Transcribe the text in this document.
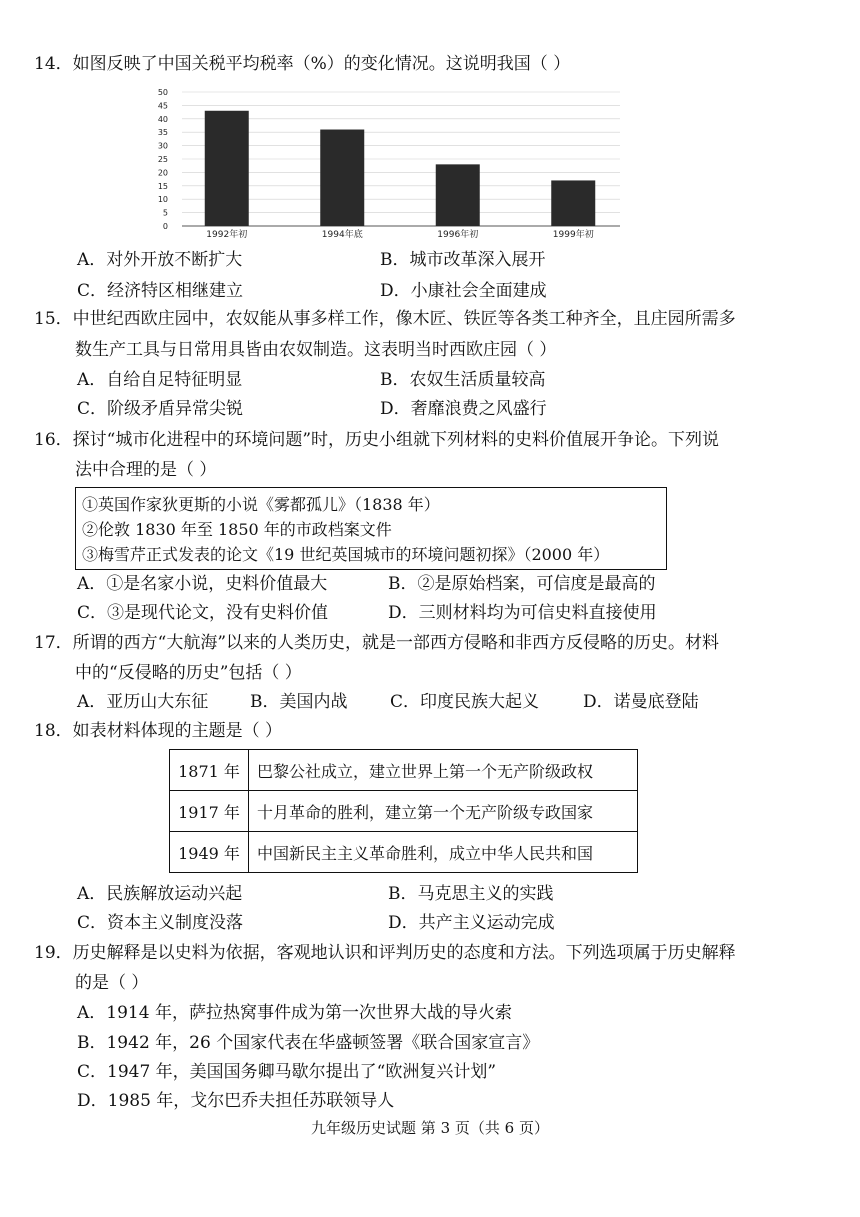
14．如图反映了中国关税平均税率（%）的变化情况。这说明我国（ ）
0
5
10
15
20
25
30
35
40
45
50
1992年初	1994年底	1996年初	1999年初
A．对外开放不断扩大	B．城市改革深入展开
C．经济特区相继建立	D．小康社会全面建成
15．中世纪西欧庄园中，农奴能从事多样工作，像木匠、铁匠等各类工种齐全，且庄园所需多
数生产工具与日常用具皆由农奴制造。这表明当时西欧庄园（ ）
A．自给自足特征明显	B．农奴生活质量较高
C．阶级矛盾异常尖锐	D．奢靡浪费之风盛行
16．探讨“城市化进程中的环境问题”时，历史小组就下列材料的史料价值展开争论。下列说
法中合理的是（ ）
①英国作家狄更斯的小说《雾都孤儿》（1838 年）
②伦敦 1830 年至 1850 年的市政档案文件
③梅雪芹正式发表的论文《19 世纪英国城市的环境问题初探》（2000 年）
A．①是名家小说，史料价值最大	B．②是原始档案，可信度是最高的
C．③是现代论文，没有史料价值	D．三则材料均为可信史料直接使用
17．所谓的西方“大航海”以来的人类历史，就是一部西方侵略和非西方反侵略的历史。材料
中的“反侵略的历史”包括（ ）
A．亚历山大东征 B．美国内战	C．印度民族大起义	D．诺曼底登陆
18．如表材料体现的主题是（ ）
1871 年	巴黎公社成立，建立世界上第一个无产阶级政权
1917 年	十月革命的胜利，建立第一个无产阶级专政国家
1949 年	中国新民主主义革命胜利，成立中华人民共和国
A．民族解放运动兴起	B．马克思主义的实践
C．资本主义制度没落	D．共产主义运动完成
19．历史解释是以史料为依据，客观地认识和评判历史的态度和方法。下列选项属于历史解释
的是（ ）
A．1914 年，萨拉热窝事件成为第一次世界大战的导火索
B．1942 年，26 个国家代表在华盛顿签署《联合国家宣言》
C．1947 年，美国国务卿马歇尔提出了“欧洲复兴计划”
D．1985 年，戈尔巴乔夫担任苏联领导人
九年级历史试题 第 3 页（共 6 页）
